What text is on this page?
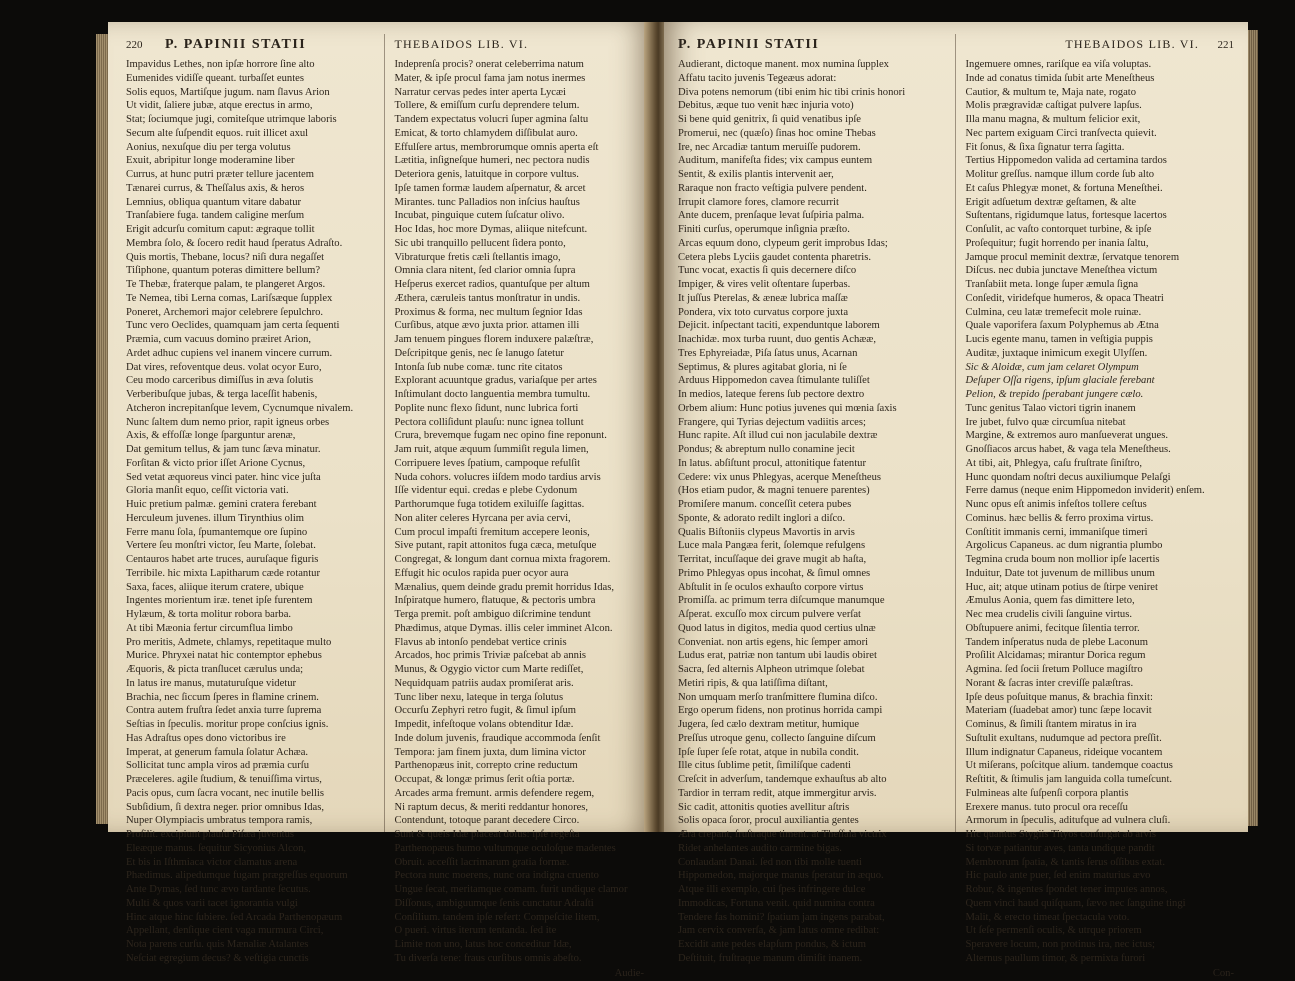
220 P. PAPINII STATII
Impavidus Lethes, non ipſæ horrore ſine alto
Eumenides vidiſſe queant. turbaſſet euntes
Solis equos, Martiſque jugum. nam ſlavus Arion
Ut vidit, ſaliere jubæ, atque erectus in armo,
Stat; ſociumque jugi, comiteſque utrimque laboris
Secum alte ſuſpendit equos. ruit illicet axul
Aonius, nexuſque diu per terga volutus
Exuit, abripitur longe moderamine liber
Currus, at hunc putri præter tellure jacentem
Tænarei currus, & Theſſalus axis, & heros
Lemnius, obliqua quantum vitare dabatur
Tranſabiere fuga. tandem caligine merſum
Erigit adcurſu comitum caput: ægraque tollit
Membra ſolo, & ſocero redit haud ſperatus Adraſto.
Quis mortis, Thebane, locus? niſi dura negaſſet
Tiſiphone, quantum poteras dimittere bellum?
Te Thebæ, fraterque palam, te plangeret Argos.
Te Nemea, tibi Lerna comas, Lariſsæque ſupplex
Poneret, Archemori major celebrere ſepulchro.
Tunc vero Oeclides, quamquam jam certa ſequenti
Præmia, cum vacuus domino præiret Arion,
Ardet adhuc cupiens vel inanem vincere currum.
Dat vires, refoventque deus. volat ocyor Euro,
Ceu modo carceribus dimiſſus in æva ſolutis
Verberibuſque jubas, & terga laceſſit habenis,
Atcheron increpitanſque levem, Cycnumque nivalem.
Nunc ſaltem dum nemo prior, rapit igneus orbes
Axis, & effoſſæ longe ſparguntur arenæ,
Dat gemitum tellus, & jam tunc ſæva minatur.
Forſitan & victo prior iſſet Arione Cycnus,
Sed vetat æquoreus vinci pater. hinc vice juſta
Gloria manſit equo, ceſſit victoria vati.
Huic pretium palmæ. gemini cratera ferebant
Herculeum juvenes. illum Tirynthius olim
Ferre manu ſola, ſpumantemque ore ſupino
Vertere ſeu monſtri victor, ſeu Marte, ſolebat.
Centauros habet arte truces, auruſaque figuris
Terribile. hic mixta Lapitharum cæde rotantur
Saxa, faces, aliique iterum cratere, ubique
Ingentes morientum iræ. tenet ipſe furentem
Hylæum, & torta molitur robora barba.
At tibi Mæonia fertur circumflua limbo
Pro meritis, Admete, chlamys, repetitaque multo
Murice. Phryxei natat hic contemptor ephebus
Æquoris, & picta tranſlucet cærulus unda;
In latus ire manus, mutaturuſque videtur
Brachia, nec ſiccum ſperes in flamine crinem.
Contra autem fruſtra ſedet anxia turre ſuprema
Seſtias in ſpeculis. moritur prope conſcius ignis.
Has Adraſtus opes dono victoribus ire
Imperat, at generum famula ſolatur Achæa.
Sollicitat tunc ampla viros ad præmia curſu
Præceleres. agile ſtudium, & tenuiſſima virtus,
Pacis opus, cum ſacra vocant, nec inutile bellis
Subſidium, ſi dextra neger. prior omnibus Idas,
Nuper Olympiacis umbratus tempora ramis,
Proſilit. excipiunt plauſu Piſæa juventus
Eleæque manus. ſequitur Sicyonius Alcon,
Et bis in Iſthmiaca victor clamatus arena
Phædimus. alipedumque fugam prægreſſus equorum
Ante Dymas, ſed tunc ævo tardante ſecutus.
Multi & quos varii tacet ignorantia vulgi
Hinc atque hinc ſubiere. ſed Arcada Parthenopæum
Appellant, denſique cient vaga murmura Circi,
Nota parens curſu. quis Mænaliæ Atalantes
Neſciat egregium decus? & veſtigia cunctis
THEBAIDOS LIB. VI.
Indeprenſa procis? onerat celeberrima natum
Mater, & ipſe procul fama jam notus inermes
Narratur cervas pedes inter aperta Lycæi
Tollere, & emiſſum curſu deprendere telum.
Tandem expectatus volucri ſuper agmina ſaltu
Emicat, & torto chlamydem diſſibulat auro.
Effulſere artus, membrorumque omnis aperta eſt
Lætitia, inſigneſque humeri, nec pectora nudis
Deteriora genis, latuitque in corpore vultus.
Ipſe tamen formæ laudem aſpernatur, & arcet
Mirantes. tunc Palladios non inſcius hauſtus
Incubat, pinguique cutem ſuſcatur olivo.
Hoc Idas, hoc more Dymas, aliique nitefcunt.
Sic ubi tranquillo pellucent ſidera ponto,
Vibraturque fretis cæli ſtellantis imago,
Omnia clara nitent, ſed clarior omnia ſupra
Heſperus exercet radios, quantuſque per altum
Æthera, cæruleis tantus monſtratur in undis.
Proximus & forma, nec multum ſegnior Idas
Curſibus, atque ævo juxta prior. attamen illi
Jam tenuem pingues florem induxere palæſtræ,
Deſcripitque genis, nec ſe lanugo ſatetur
Intonſa ſub nube comæ. tunc rite citatos
Explorant acuuntque gradus, variaſque per artes
Inſtimulant docto languentia membra tumultu.
Poplite nunc flexo ſidunt, nunc lubrica forti
Pectora colliſidunt plauſu: nunc ignea tollunt
Crura, brevemque fugam nec opino fine reponunt.
Jam ruit, atque æquum ſummiſit regula limen,
Corripuere leves ſpatium, campoque refulſit
Nuda cohors. volucres iiſdem modo tardius arvis
Iſſe videntur equi. credas e plebe Cydonum
Parthorumque fuga totidem exiluiſſe ſagittas.
Non aliter celeres Hyrcana per avia cervi,
Cum procul impaſti fremitum accepere leonis,
Sive putant, rapit attonitos fuga cæca, metuſque
Congregat, & longum dant cornua mixta fragorem.
Effugit hic oculos rapida puer ocyor aura
Mænalius, quem deinde gradu premit horridus Idas,
Inſpiratque humero, flatuque, & pectoris umbra
Terga premit. poſt ambiguo diſcrimine tendunt
Phædimus, atque Dymas. illis celer imminet Alcon.
Flavus ab intonſo pendebat vertice crinis
Arcados, hoc primis Triviæ paſcebat ab annis
Munus, & Ogygio victor cum Marte rediſſet,
Nequidquam patriis audax promiſerat aris.
Tunc liber nexu, lateque in terga ſolutus
Occurſu Zephyri retro fugit, & ſimul ipſum
Impedit, infeſtoque volans obtenditur Idæ.
Inde dolum juvenis, fraudique accommoda ſenſit
Tempora: jam finem juxta, dum limina victor
Parthenopæus init, correpto crine reductum
Occupat, & longæ primus ſerit oſtia portæ.
Arcades arma fremunt. armis defendere regem,
Ni raptum decus, & meriti reddantur honores,
Contendunt, totoque parant decedere Circo.
Sunt & queis Idæ placeat dolus: ipſe regeſta
Parthenopæus humo vultumque oculoſque madentes
Obruit. acceſſit lacrimarum gratia formæ.
Pectora nunc moerens, nunc ora indigna cruento
Ungue ſecat, meritamque comam. furit undique clamor
Diſſonus, ambiguumque ſenis cunctatur Adraſti
Conſilium. tandem ipſe refert: Compeſcite litem,
O pueri. virtus iterum tentanda. ſed ite
Limite non uno, latus hoc conceditur Idæ,
Tu diverſa tene: fraus curſibus omnis abeſto.
Audie-
P. PAPINII STATII
Audierant, dictoque manent. mox numina ſupplex
Affatu tacito juvenis Tegeæus adorat:
Diva potens nemorum (tibi enim hic tibi crinis honori
Debitus, æque tuo venit hæc injuria voto)
Si bene quid genitrix, ſi quid venatibus ipſe
Promerui, nec (quæſo) ſinas hoc omine Thebas
Ire, nec Arcadiæ tantum meruiſſe pudorem.
Auditum, manifeſta fides; vix campus euntem
Sentit, & exilis plantis intervenit aer,
Raraque non fracto veſtigia pulvere pendent.
Irrupit clamore fores, clamore recurrit
Ante ducem, prenſaque levat ſuſpiria palma.
Finiti curſus, operumque inſignia præſto.
Arcas equum dono, clypeum gerit improbus Idas;
Cetera plebs Lyciis gaudet contenta pharetris.
Tunc vocat, exactis ſi quis decernere diſco
Impiger, & vires velit oſtentare ſuperbas.
It juſſus Pterelas, & æneæ lubrica maſſæ
Pondera, vix toto curvatus corpore juxta
Dejicit. inſpectant taciti, expenduntque laborem
Inachidæ. mox turba ruunt, duo gentis Achææ,
Tres Ephyreiadæ, Piſa ſatus unus, Acarnan
Septimus, & plures agitabat gloria, ni ſe
Arduus Hippomedon cavea ſtimulante tuliſſet
In medios, lateque ferens ſub pectore dextro
Orbem alium: Hunc potius juvenes qui mœnia ſaxis
Frangere, qui Tyrias dejectum vadiitis arces;
Hunc rapite. Aſt illud cui non jaculabile dextræ
Pondus; & abreptum nullo conamine jecit
In latus. abſiſtunt procul, attonitique fatentur
Cedere: vix unus Phlegyas, acerque Meneſtheus
(Hos etiam pudor, & magni tenuere parentes)
Promiſere manum. conceſſit cetera pubes
Sponte, & adorato redilt inglori a diſco.
Qualis Biſtoniis clypeus Mavortis in arvis
Luce mala Pangæa ferit, ſolemque refulgens
Territat, incuſſaque dei grave mugit ab haſta,
Primo Phlegyas opus incohat, & ſimul omnes
Abſtulit in ſe oculos exhauſto corpore virtus
Promiſſa. ac primum terra diſcumque manumque
Aſperat. excuſſo mox circum pulvere verſat
Quod latus in digitos, media quod certius ulnæ
Conveniat. non artis egens, hic ſemper amori
Ludus erat, patriæ non tantum ubi laudis obiret
Sacra, ſed alternis Alpheon utrimque ſolebat
Metiri ripis, & qua latiſſima diſtant,
Non umquam merſo tranſmittere flumina diſco.
Ergo operum fidens, non protinus horrida campi
Jugera, ſed cælo dextram metitur, humique
Preſſus utroque genu, collecto ſanguine diſcum
Ipſe ſuper ſeſe rotat, atque in nubila condit.
Ille citus ſublime petit, ſimilíſque cadenti
Creſcit in adverſum, tandemque exhauſtus ab alto
Tardior in terram redit, atque immergitur arvis.
Sic cadit, attonitis quoties avellitur aſtris
Solis opaca ſoror, procul auxiliantia gentes
Æra crepant, fruſtraque timent. at Theſſala victrix
Ridet anhelantes audito carmine bigas.
Conlaudant Danai. ſed non tibi molle tuenti
Hippomedon, majorque manus ſperatur in æquo.
Atque illi exemplo, cui ſpes infringere dulce
Immodicas, Fortuna venit. quid numina contra
Tendere fas homini? ſpatium jam ingens parabat,
Jam cervix converſa, & jam latus omne redibat:
Excidit ante pedes elapſum pondus, & ictum
Deſtituit, fruſtraque manum dimiſit inanem.
THEBAIDOS LIB. VI. 221
Ingemuere omnes, rariſque ea viſa voluptas.
Inde ad conatus timida ſubit arte Meneſtheus
Cautior, & multum te, Maja nate, rogato
Molis prægravidæ caſtigat pulvere lapſus.
Illa manu magna, & multum felicior exit,
Nec partem exiguam Circi tranſvecta quievit.
Fit ſonus, & ſixa ſignatur terra ſagitta.
Tertius Hippomedon valida ad certamina tardos
Molitur greſſus. namque illum corde ſub alto
Et caſus Phlegyæ monet, & fortuna Meneſthei.
Erigit adſuetum dextræ geſtamen, & alte
Suſtentans, rigidumque latus, fortesque lacertos
Conſulit, ac vaſto contorquet turbine, & ipſe
Proſequitur; fugit horrendo per inania ſaltu,
Jamque procul meminit dextræ, ſervatque tenorem
Diſcus. nec dubia junctave Meneſthea victum
Tranſabiit meta. longe ſuper æmula ſigna
Conſedit, viridefque humeros, & opaca Theatri
Culmina, ceu latæ tremefecit mole ruinæ.
Quale vaporifera ſaxum Polyphemus ab Ætna
Lucis egente manu, tamen in veſtigia puppis
Auditæ, juxtaque inimicum exegit Ulyſſen.
Sic & Aloidæ, cum jam celaret Olympum
Deſuper Oſſa rigens, ipſum glaciale ferebant
Pelion, & trepido ſperabant jungere cælo.
Tunc genitus Talao victori tigrin inanem
Ire jubet, fulvo quæ circumſua nitebat
Margine, & extremos auro manſueverat ungues.
Gnoſſiacos arcus habet, & vaga tela Meneſtheus.
At tibi, ait, Phlegya, caſu fruſtrate ſiniſtro,
Hunc quondam noſtri decus auxiliumque Pelaſgi
Ferre damus (neque enim Hippomedon inviderit) enſem.
Nunc opus eſt animis infeſtos tollere ceſtus
Cominus. hæc bellis & ferro proxima virtus.
Conſtitit immanis cerni, immaniſque timeri
Argolicus Capaneus. ac dum nigrantia plumbo
Tegmina cruda boum non mollior ipſe lacertis
Induitur, Date tot juvenum de millibus unum
Huc, ait; atque utinam potius de ſtirpe veniret
Æmulus Aonia, quem fas dimittere leto,
Nec mea crudelis civili ſanguine virtus.
Obſtupuere animi, fecitque ſilentia terror.
Tandem inſperatus nuda de plebe Laconum
Proſilit Alcidamas; mirantur Dorica regum
Agmina. ſed ſocii ſretum Polluce magiſtro
Norant & ſacras inter creviſſe palæſtras.
Ipſe deus poſuitque manus, & brachia finxit:
Materiam (ſuadebat amor) tunc ſæpe locavit
Cominus, & ſimili ſtantem miratus in ira
Suſtulit exultans, nudumque ad pectora preſſit.
Illum indignatur Capaneus, rideique vocantem
Ut miſerans, poſcitque alium. tandemque coactus
Reſtitit, & ſtimulis jam languida colla tumeſcunt.
Fulmineas alte ſuſpenſi corpora plantis
Erexere manus. tuto procul ora receſſu
Armorum in ſpeculis, aditufque ad vulnera cluſi.
Hic quantus Stygiis Tityos conſurgat ab arvis
Si torvæ patiantur aves, tanta undique pandit
Membrorum ſpatia, & tantis ſerus oſſibus extat.
Hic paulo ante puer, ſed enim maturius ævo
Robur, & ingentes ſpondet tener imputes annos,
Quem vinci haud quiſquam, ſævo nec ſanguine tingi
Malit, & erecto timeat ſpectacula voto.
Ut ſeſe permenſi oculis, & utrque priorem
Speravere locum, non protinus ira, nec ictus;
Alternus paullum timor, & permixta furori
Con-
